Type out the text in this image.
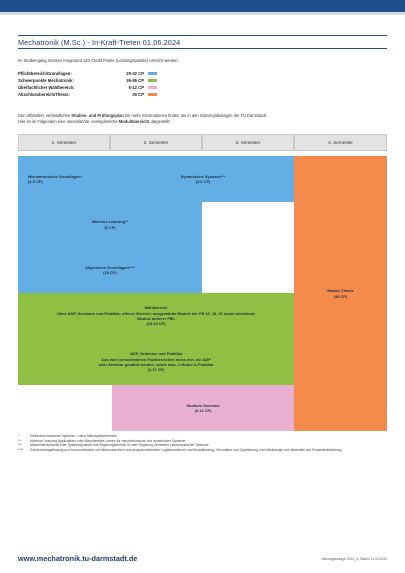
Mechatronik (M.Sc.) - In-Kraft-Treten 01.06.2024
Im Studiengang müssen insgesamt 120 Credit Points (Leistungspunkte) erreicht werden:
Pflichtbereich/Grundlagen:	29-32 CP
Schwerpunkte Mechatronik:	36-55 CP
Überfachlicher Wahlbereich:	6-12 CP
Abschlussbereich/Thesis:	30 CP
Den offiziellen, verbindlichen Studien- und Prüfungsplan mit mehr Informationen finden Sie in den Satzungsbeilagen der TU Darmstadt.
Hier ist im Folgenden eine vereinfachte, exemplarische Modulübersicht dargestellt:
1. Semester	2. Semester	3. Semester	4. Semester
Mechatronische Grundlagen*
(4-5 CP)
Dynamische Systeme***
(4-6 CP)
Machine Learning**
(6 CP)
Allgemeine Grundlagen****
(15 CP)
Wahlbereich
Ohne ADP, Seminare und Praktika; offener Bereich; ausgewählte Module der FB 16, 18, 20 sowie bestimmte
Module anderer FBs
(18-33 CP)
ADP, Seminare und Praktika
Aus zwei verschiedenen Fachbereichen muss min. ein ADP
oder Seminar gewählt werden, sowie max. 1 Modul in Praktika
(3-37 CP)
Studium Generale
(6-12 CP)
Master-Thesis
(30 CP)
*	Elektromechanische Systeme / Labor Mikrosystemtechnik
**	Machine Learning Applications oder Maschinelles Lernen für mechatronische und dynamische Systeme
***	Maschinendynamik oder Systemdynamik und Regelungstechnik III oder Regelung vernetzter cyberphysischer Systeme
****	Entscheidungsfindung und Kommunikation mit Mikrocontrollern und programmierbaren Logikbausteinen und Modellbildung, Simulation und Optimierung und Werkzeuge und Methoden der Produktentwicklung
www.mechatronik.tu-darmstadt.de	Satzungsbeilage 2024_II | Stand: 11.03.2024
